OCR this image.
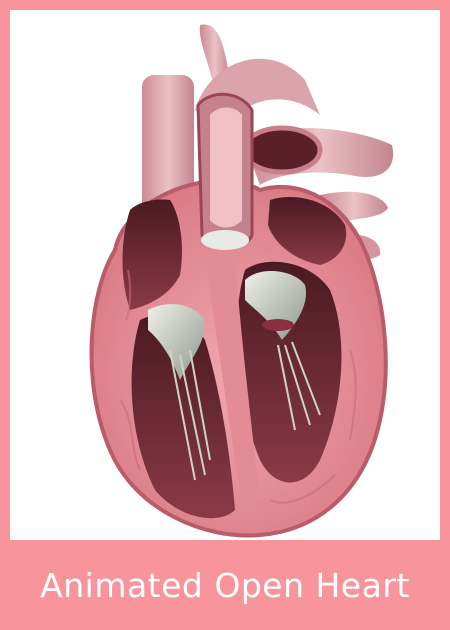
Animated Open Heart
